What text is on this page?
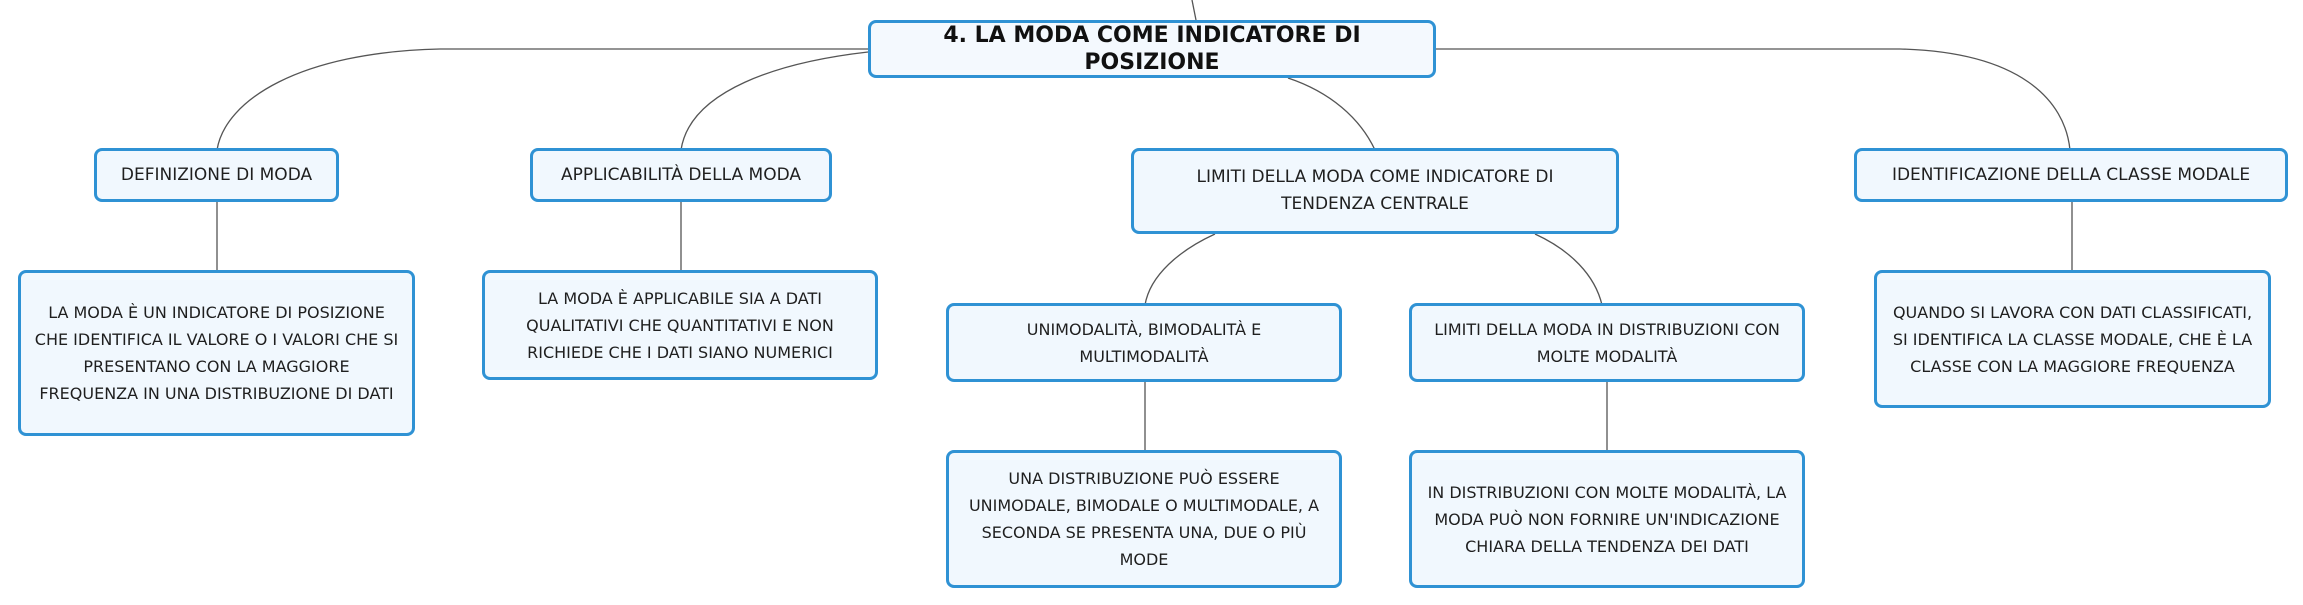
4. LA MODA COME INDICATORE DI POSIZIONE
DEFINIZIONE DI MODA
LA MODA È UN INDICATORE DI POSIZIONE CHE IDENTIFICA IL VALORE O I VALORI CHE SI PRESENTANO CON LA MAGGIORE FREQUENZA IN UNA DISTRIBUZIONE DI DATI
APPLICABILITÀ DELLA MODA
LA MODA È APPLICABILE SIA A DATI QUALITATIVI CHE QUANTITATIVI E NON RICHIEDE CHE I DATI SIANO NUMERICI
LIMITI DELLA MODA COME INDICATORE DI TENDENZA CENTRALE
UNIMODALITÀ, BIMODALITÀ E MULTIMODALITÀ
UNA DISTRIBUZIONE PUÒ ESSERE UNIMODALE, BIMODALE O MULTIMODALE, A SECONDA SE PRESENTA UNA, DUE O PIÙ MODE
LIMITI DELLA MODA IN DISTRIBUZIONI CON MOLTE MODALITÀ
IN DISTRIBUZIONI CON MOLTE MODALITÀ, LA MODA PUÒ NON FORNIRE UN'INDICAZIONE CHIARA DELLA TENDENZA DEI DATI
IDENTIFICAZIONE DELLA CLASSE MODALE
QUANDO SI LAVORA CON DATI CLASSIFICATI, SI IDENTIFICA LA CLASSE MODALE, CHE È LA CLASSE CON LA MAGGIORE FREQUENZA
